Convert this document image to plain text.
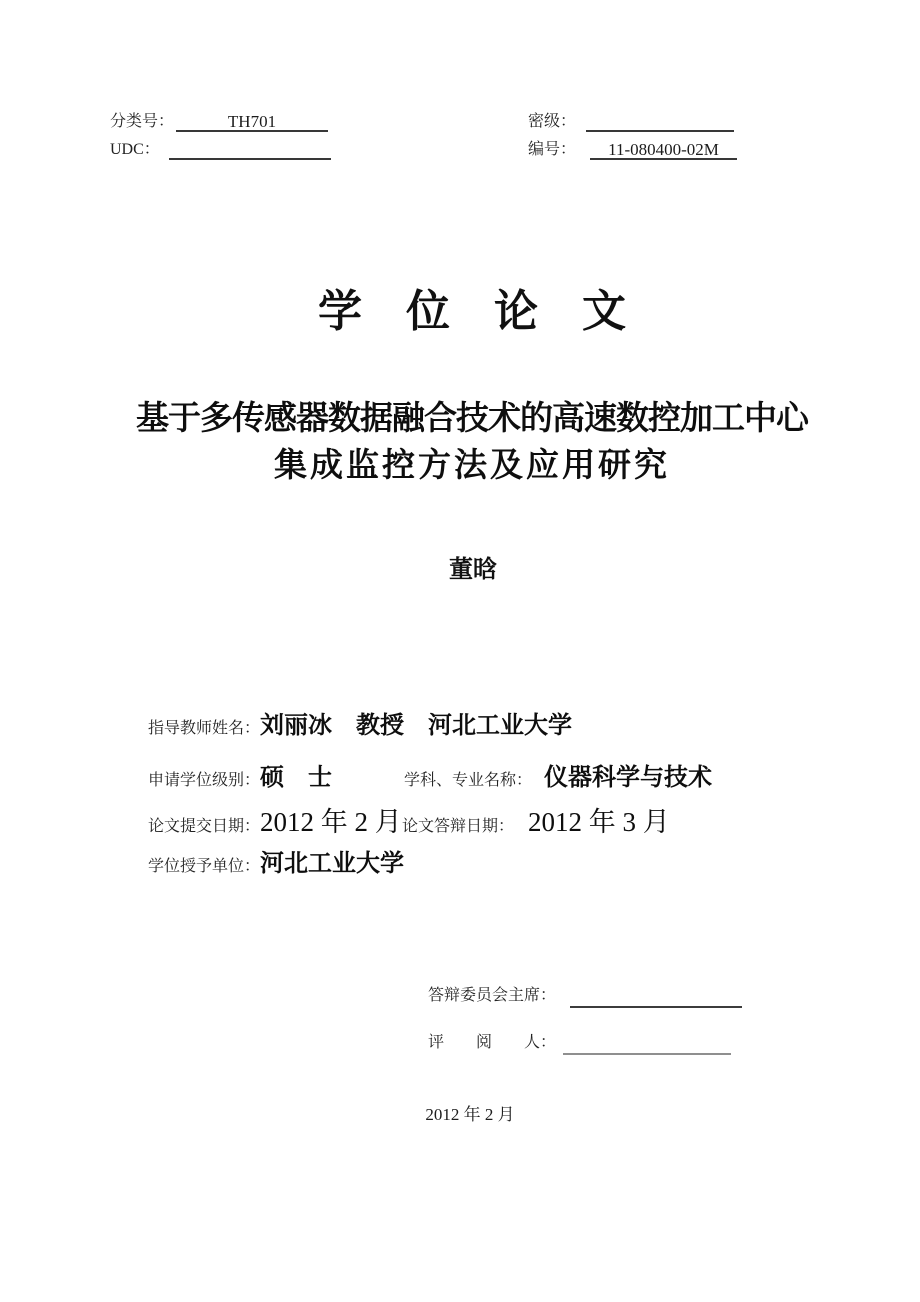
分类号：	TH701
UDC：
密级：
编号：	11-080400-02M
学　位　论　文
基于多传感器数据融合技术的高速数控加工中心
集成监控方法及应用研究
董晗
指导教师姓名： 刘丽冰　教授　河北工业大学
申请学位级别： 硕　士	学科、专业名称： 仪器科学与技术
论文提交日期： 2012 年 2 月 论文答辩日期： 2012 年 3 月
学位授予单位： 河北工业大学
答辩委员会主席：
评　　阅　　人：
2012 年 2 月
